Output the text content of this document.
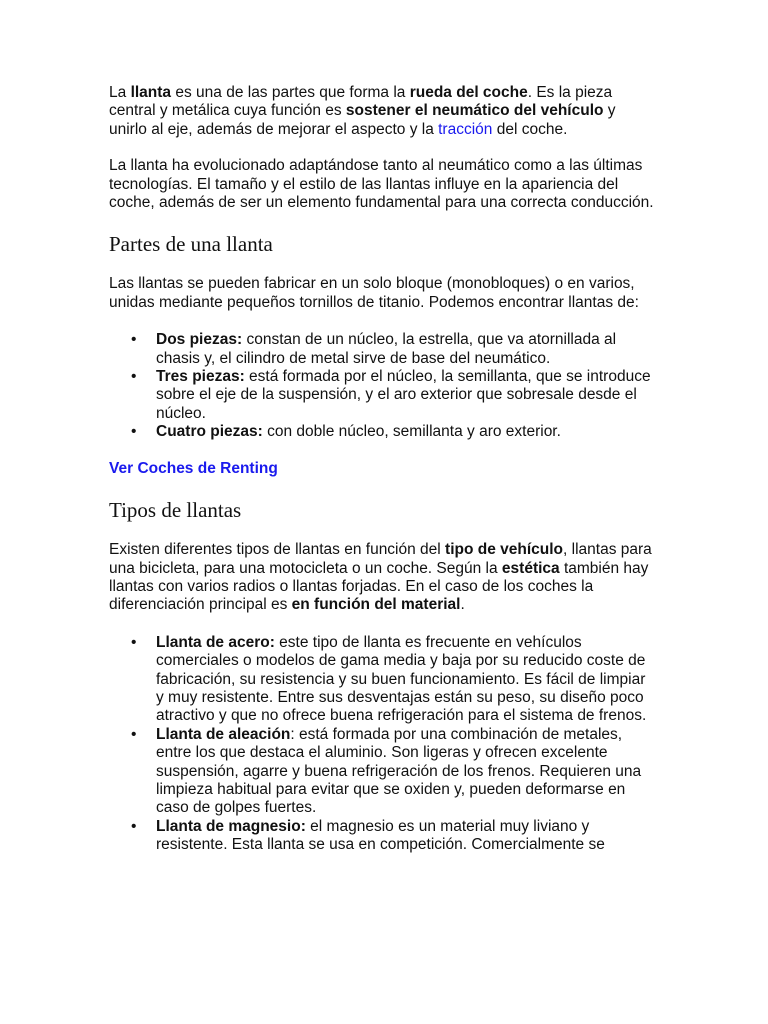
La llanta es una de las partes que forma la rueda del coche. Es la pieza central y metálica cuya función es sostener el neumático del vehículo y unirlo al eje, además de mejorar el aspecto y la tracción del coche.

La llanta ha evolucionado adaptándose tanto al neumático como a las últimas tecnologías. El tamaño y el estilo de las llantas influye en la apariencia del coche, además de ser un elemento fundamental para una correcta conducción.

Partes de una llanta

Las llantas se pueden fabricar en un solo bloque (monobloques) o en varios, unidas mediante pequeños tornillos de titanio. Podemos encontrar llantas de:

• Dos piezas: constan de un núcleo, la estrella, que va atornillada al chasis y, el cilindro de metal sirve de base del neumático.
• Tres piezas: está formada por el núcleo, la semillanta, que se introduce sobre el eje de la suspensión, y el aro exterior que sobresale desde el núcleo.
• Cuatro piezas: con doble núcleo, semillanta y aro exterior.

Ver Coches de Renting

Tipos de llantas

Existen diferentes tipos de llantas en función del tipo de vehículo, llantas para una bicicleta, para una motocicleta o un coche. Según la estética también hay llantas con varios radios o llantas forjadas. En el caso de los coches la diferenciación principal es en función del material.

• Llanta de acero: este tipo de llanta es frecuente en vehículos comerciales o modelos de gama media y baja por su reducido coste de fabricación, su resistencia y su buen funcionamiento. Es fácil de limpiar y muy resistente. Entre sus desventajas están su peso, su diseño poco atractivo y que no ofrece buena refrigeración para el sistema de frenos.
• Llanta de aleación: está formada por una combinación de metales, entre los que destaca el aluminio. Son ligeras y ofrecen excelente suspensión, agarre y buena refrigeración de los frenos. Requieren una limpieza habitual para evitar que se oxiden y, pueden deformarse en caso de golpes fuertes.
• Llanta de magnesio: el magnesio es un material muy liviano y resistente. Esta llanta se usa en competición. Comercialmente se
